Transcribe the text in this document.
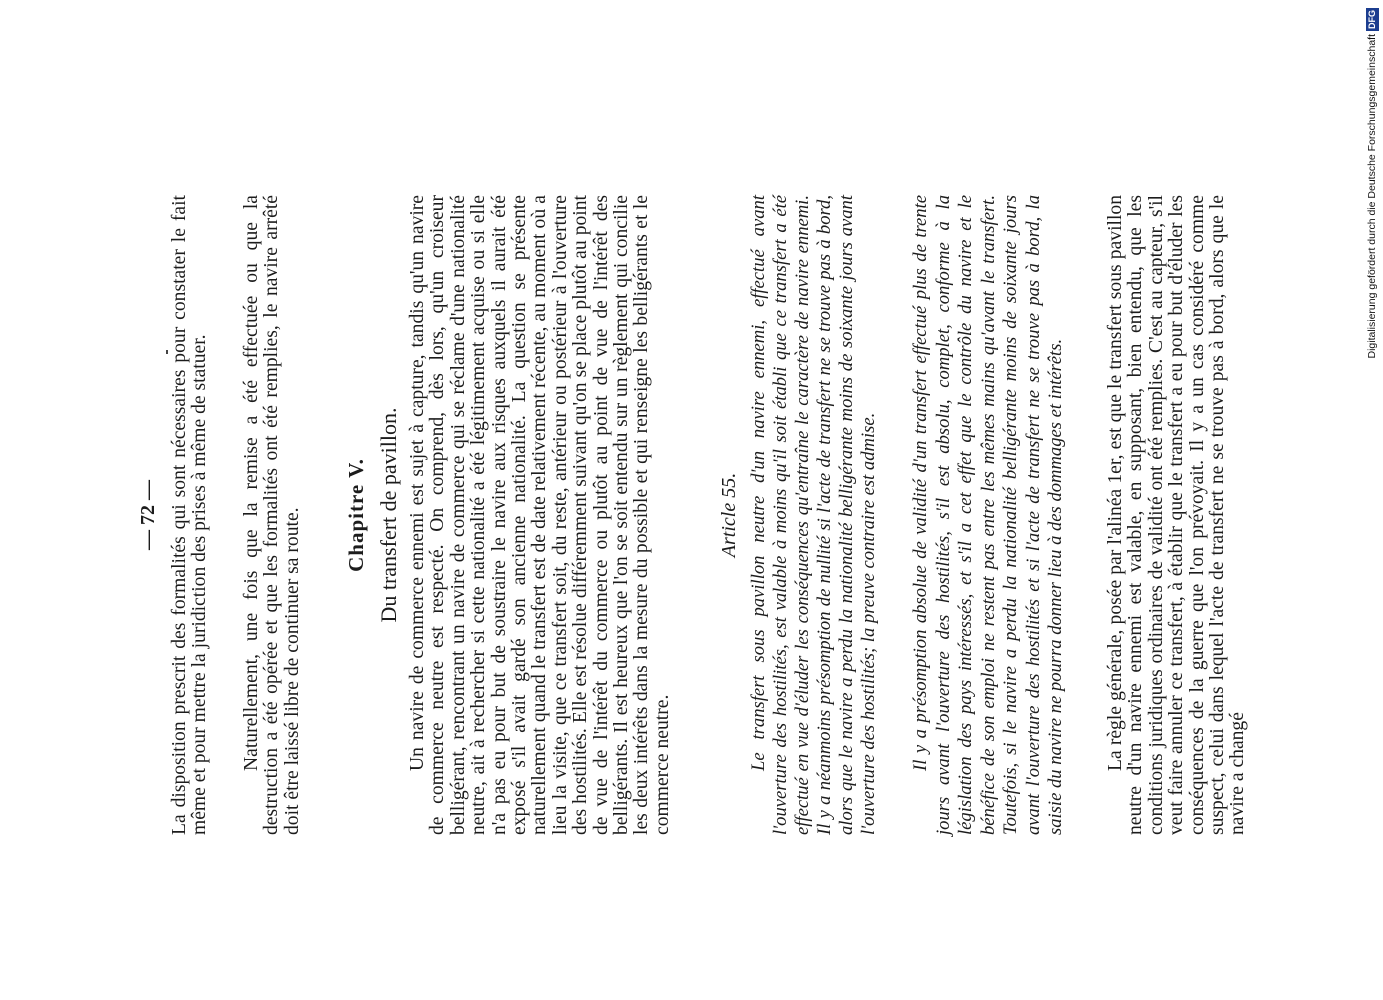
— 72 — La disposition prescrit des formalités qui sont nécessaires pour constater le fait même et pour mettre la juridiction des prises à même de statuer. Naturellement, une fois que la remise a été effectuée ou que la destruction a été opérée et que les formalités ont été remplies, le navire arrêté doit être laissé libre de continuer sa route. Chapitre V. Du transfert de pavillon. Un navire de commerce ennemi est sujet à capture, tandis qu'un navire de commerce neutre est respecté. On comprend, dès lors, qu'un croiseur belligérant, rencontrant un navire de commerce qui se réclame d'une nationalité neutre, ait à rechercher si cette nationalité a été légitimement acquise ou si elle n'a pas eu pour but de soustraire le navire aux risques auxquels il aurait été exposé s'il avait gardé son ancienne nationalité. La question se présente naturellement quand le transfert est de date relativement récente, au moment où a lieu la visite, que ce transfert soit, du reste, antérieur ou postérieur à l'ouverture des hostilités. Elle est résolue différemment suivant qu'on se place plutôt au point de vue de l'intérêt du commerce ou plutôt au point de vue de l'intérêt des belligérants. Il est heureux que l'on se soit entendu sur un règlement qui concilie les deux intérêts dans la mesure du possible et qui renseigne les belligérants et le commerce neutre.

Article 55. Le transfert sous pavillon neutre d'un navire ennemi, effectué avant l'ouverture des hostilités, est valable à moins qu'il soit établi que ce transfert a été effectué en vue d'éluder les conséquences qu'entraîne le caractère de navire ennemi. Il y a néanmoins présomption de nullité si l'acte de transfert ne se trouve pas à bord, alors que le navire a perdu la nationalité belligérante moins de soixante jours avant l'ouverture des hostilités; la preuve contraire est admise. Il y a présomption absolue de validité d'un transfert effectué plus de trente jours avant l'ouverture des hostilités, s'il est absolu, complet, conforme à la législation des pays intéressés, et s'il a cet effet que le contrôle du navire et le bénéfice de son emploi ne restent pas entre les mêmes mains qu'avant le transfert. Toutefois, si le navire a perdu la nationalité belligérante moins de soixante jours avant l'ouverture des hostilités et si l'acte de transfert ne se trouve pas à bord, la saisie du navire ne pourra donner lieu à des dommages et intérêts. La règle générale, posée par l'alinéa 1er, est que le transfert sous pavillon neutre d'un navire ennemi est valable, en supposant, bien entendu, que les conditions juridiques ordinaires de validité ont été remplies. C'est au capteur, s'il veut faire annuler ce transfert, à établir que le transfert a eu pour but d'éluder les conséquences de la guerre que l'on prévoyait. Il y a un cas considéré comme suspect, celui dans lequel l'acte de transfert ne se trouve pas à bord, alors que le navire a changé

Digitalisierung gefördert durch die Deutsche ForschungsgemeinschaftDFG
